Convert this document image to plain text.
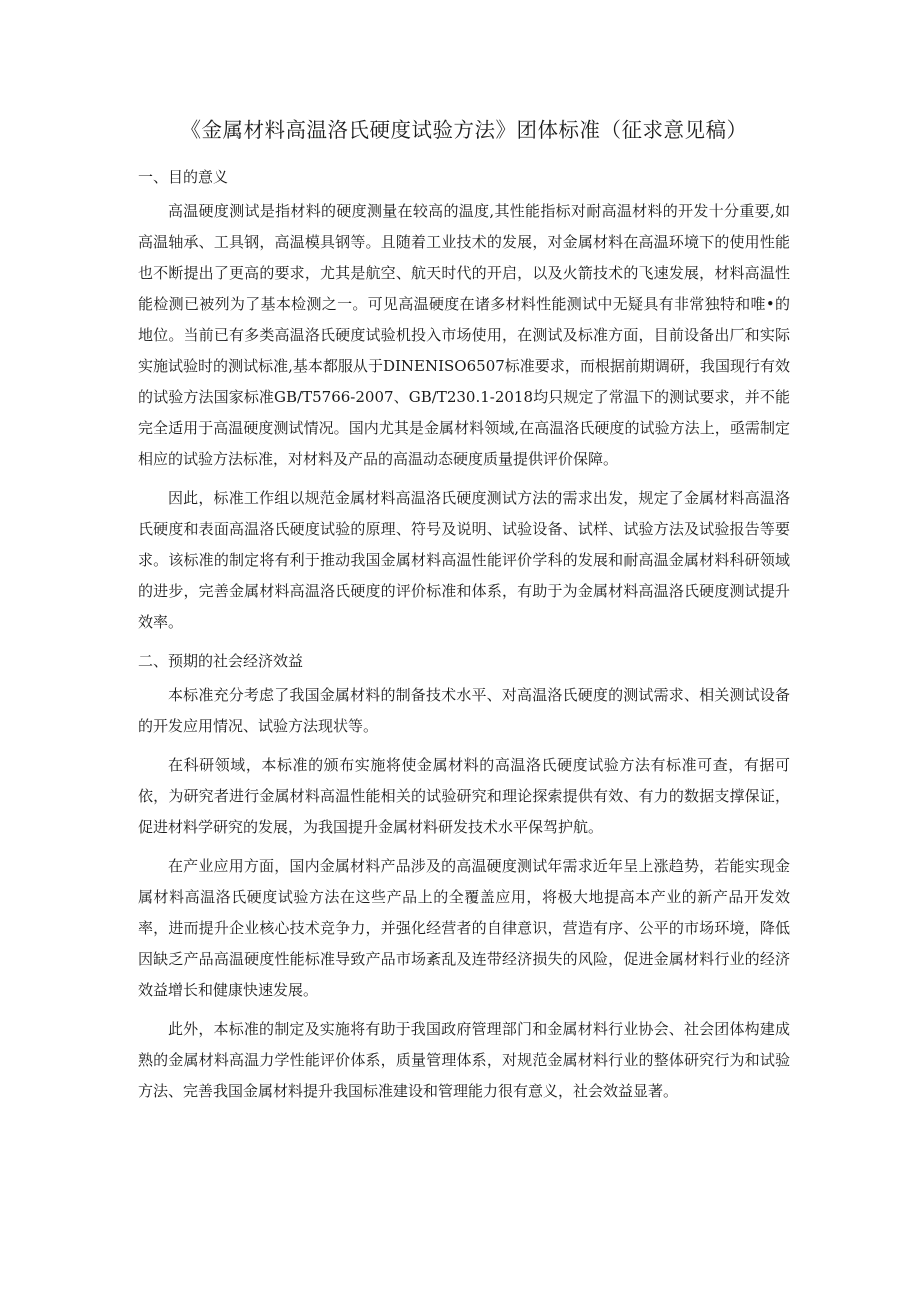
《金属材料高温洛氏硬度试验方法》团体标准（征求意见稿）
一、目的意义

高温硬度测试是指材料的硬度测量在较高的温度,其性能指标对耐高温材料的开发十分重要,如高温轴承、工具钢，高温模具钢等。且随着工业技术的发展，对金属材料在高温环境下的使用性能也不断提出了更高的要求，尤其是航空、航天时代的开启，以及火箭技术的飞速发展，材料高温性能检测已被列为了基本检测之一。可见高温硬度在诸多材料性能测试中无疑具有非常独特和唯•的地位。当前已有多类高温洛氏硬度试验机投入市场使用，在测试及标准方面，目前设备出厂和实际实施试验时的测试标准,基本都服从于DINENISO6507标准要求，而根据前期调研，我国现行有效的试验方法国家标准GB/T5766-2007、GB/T230.1-2018均只规定了常温下的测试要求，并不能完全适用于高温硬度测试情况。国内尤其是金属材料领域,在高温洛氏硬度的试验方法上，亟需制定相应的试验方法标准，对材料及产品的高温动态硬度质量提供评价保障。

因此，标准工作组以规范金属材料高温洛氏硬度测试方法的需求出发，规定了金属材料高温洛氏硬度和表面高温洛氏硬度试验的原理、符号及说明、试验设备、试样、试验方法及试验报告等要求。该标准的制定将有利于推动我国金属材料高温性能评价学科的发展和耐高温金属材料科研领域的进步，完善金属材料高温洛氏硬度的评价标准和体系，有助于为金属材料高温洛氏硬度测试提升效率。

二、预期的社会经济效益

本标准充分考虑了我国金属材料的制备技术水平、对高温洛氏硬度的测试需求、相关测试设备的开发应用情况、试验方法现状等。

在科研领域，本标准的颁布实施将使金属材料的高温洛氏硬度试验方法有标准可查，有据可依，为研究者进行金属材料高温性能相关的试验研究和理论探索提供有效、有力的数据支撑保证，促进材料学研究的发展，为我国提升金属材料研发技术水平保驾护航。

在产业应用方面，国内金属材料产品涉及的高温硬度测试年需求近年呈上涨趋势，若能实现金属材料高温洛氏硬度试验方法在这些产品上的全覆盖应用，将极大地提高本产业的新产品开发效率，进而提升企业核心技术竞争力，并强化经营者的自律意识，营造有序、公平的市场环境，降低因缺乏产品高温硬度性能标准导致产品市场紊乱及连带经济损失的风险，促进金属材料行业的经济效益增长和健康快速发展。

此外，本标准的制定及实施将有助于我国政府管理部门和金属材料行业协会、社会团体构建成熟的金属材料高温力学性能评价体系，质量管理体系，对规范金属材料行业的整体研究行为和试验方法、完善我国金属材料提升我国标准建设和管理能力很有意义，社会效益显著。
